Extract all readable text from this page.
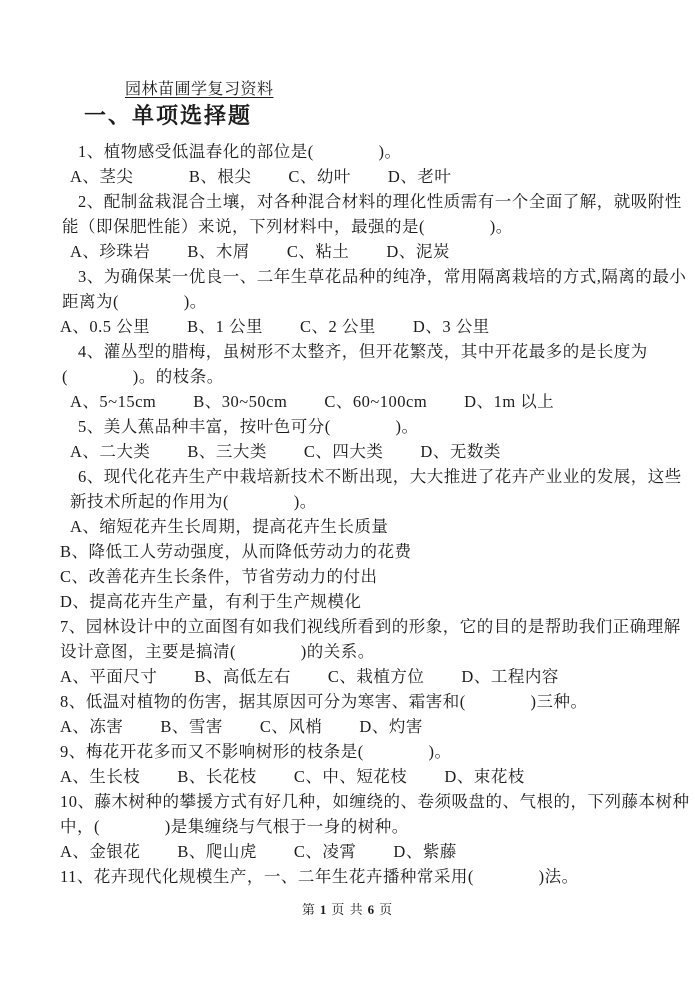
园林苗圃学复习资料
一、单项选择题
1、植物感受低温春化的部位是(              )。
A、茎尖            B、根尖        C、幼叶        D、老叶
2、配制盆栽混合土壤，对各种混合材料的理化性质需有一个全面了解，就吸附性
能（即保肥性能）来说，下列材料中，最强的是(              )。
A、珍珠岩        B、木屑        C、粘土        D、泥炭
3、为确保某一优良一、二年生草花品种的纯净，常用隔离栽培的方式,隔离的最小
距离为(              )。
A、0.5 公里        B、1 公里        C、2 公里        D、3 公里
4、灌丛型的腊梅，虽树形不太整齐，但开花繁茂，其中开花最多的是长度为
(              )。的枝条。
A、5~15cm        B、30~50cm        C、60~100cm        D、1m 以上
5、美人蕉品种丰富，按叶色可分(              )。
A、二大类        B、三大类        C、四大类        D、无数类
6、现代化花卉生产中栽培新技术不断出现，大大推进了花卉产业业的发展，这些
新技术所起的作用为(              )。
A、缩短花卉生长周期，提高花卉生长质量
B、降低工人劳动强度，从而降低劳动力的花费
C、改善花卉生长条件，节省劳动力的付出
D、提高花卉生产量，有利于生产规模化
7、园林设计中的立面图有如我们视线所看到的形象，它的目的是帮助我们正确理解
设计意图，主要是搞清(              )的关系。
A、平面尺寸        B、高低左右        C、栽植方位        D、工程内容
8、低温对植物的伤害，据其原因可分为寒害、霜害和(              )三种。
A、冻害        B、雪害        C、风梢        D、灼害
9、梅花开花多而又不影响树形的枝条是(              )。
A、生长枝        B、长花枝        C、中、短花枝        D、束花枝
10、藤木树种的攀援方式有好几种，如缠绕的、卷须吸盘的、气根的，下列藤本树种
中，(              )是集缠绕与气根于一身的树种。
A、金银花        B、爬山虎        C、凌霄        D、紫藤
11、花卉现代化规模生产，一、二年生花卉播种常采用(              )法。
第 1 页 共 6 页
